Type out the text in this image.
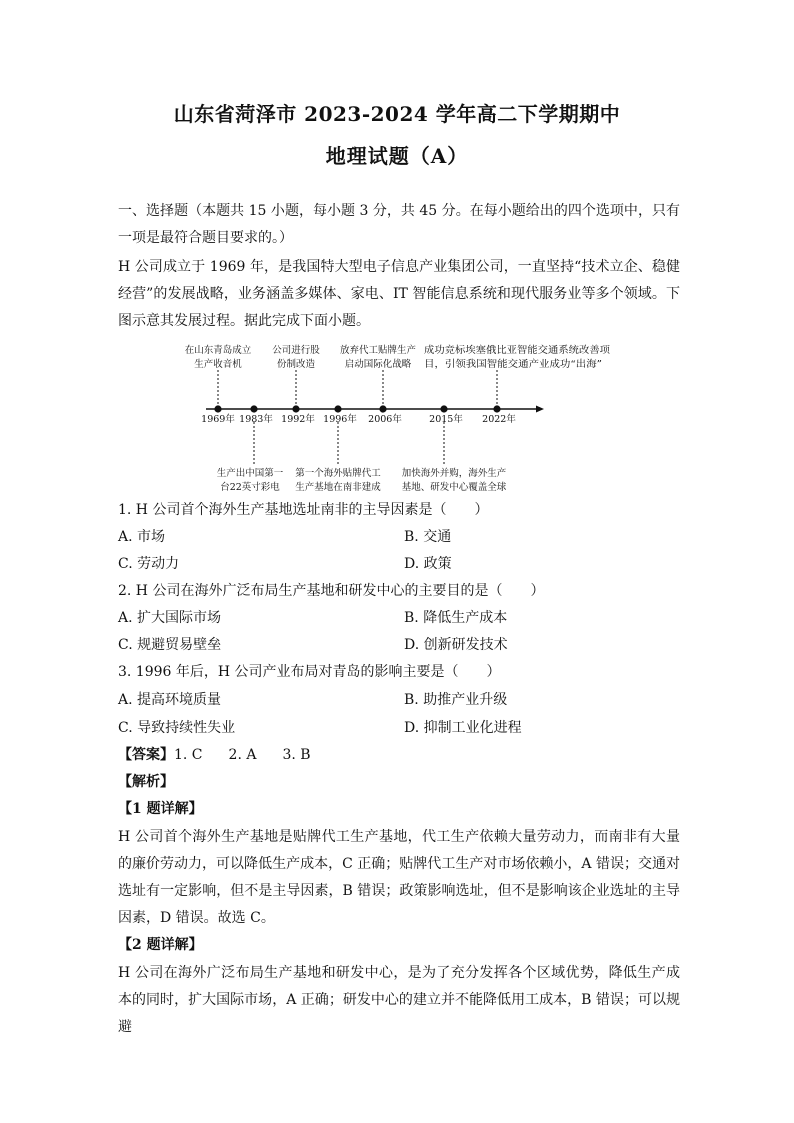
山东省菏泽市 2023-2024 学年高二下学期期中
地理试题（A）
一、选择题（本题共 15 小题，每小题 3 分，共 45 分。在每小题给出的四个选项中，只有一项是最符合题目要求的。）
H 公司成立于 1969 年，是我国特大型电子信息产业集团公司，一直坚持“技术立企、稳健经营”的发展战略，业务涵盖多媒体、家电、IT 智能信息系统和现代服务业等多个领域。下图示意其发展过程。据此完成下面小题。
1969年 1983年 1992年 1996年 2006年	2015年 2022年
在山东青岛成立
生产收音机
公司进行股
份制改造
放弃代工贴牌生产
启动国际化战略
成功竞标埃塞俄比亚智能交通系统改善项
目，引领我国智能交通产业成功“出海”
生产出中国第一
台22英寸彩电
第一个海外贴牌代工
生产基地在南非建成
加快海外并购，海外生产
基地、研发中心覆盖全球
1. H 公司首个海外生产基地选址南非的主导因素是（　　）
A. 市场	B. 交通
C. 劳动力	D. 政策
2. H 公司在海外广泛布局生产基地和研发中心的主要目的是（　　）
A. 扩大国际市场	B. 降低生产成本
C. 规避贸易壁垒	D. 创新研发技术
3. 1996 年后，H 公司产业布局对青岛的影响主要是（　　）
A. 提高环境质量	B. 助推产业升级
C. 导致持续性失业	D. 抑制工业化进程
【答案】1. C 2. A 3. B
【解析】
【1 题详解】
H 公司首个海外生产基地是贴牌代工生产基地，代工生产依赖大量劳动力，而南非有大量的廉价劳动力，可以降低生产成本，C 正确；贴牌代工生产对市场依赖小，A 错误；交通对选址有一定影响，但不是主导因素，B 错误；政策影响选址，但不是影响该企业选址的主导因素，D 错误。故选 C。
【2 题详解】
H 公司在海外广泛布局生产基地和研发中心，是为了充分发挥各个区域优势，降低生产成本的同时，扩大国际市场，A 正确；研发中心的建立并不能降低用工成本，B 错误；可以规避
